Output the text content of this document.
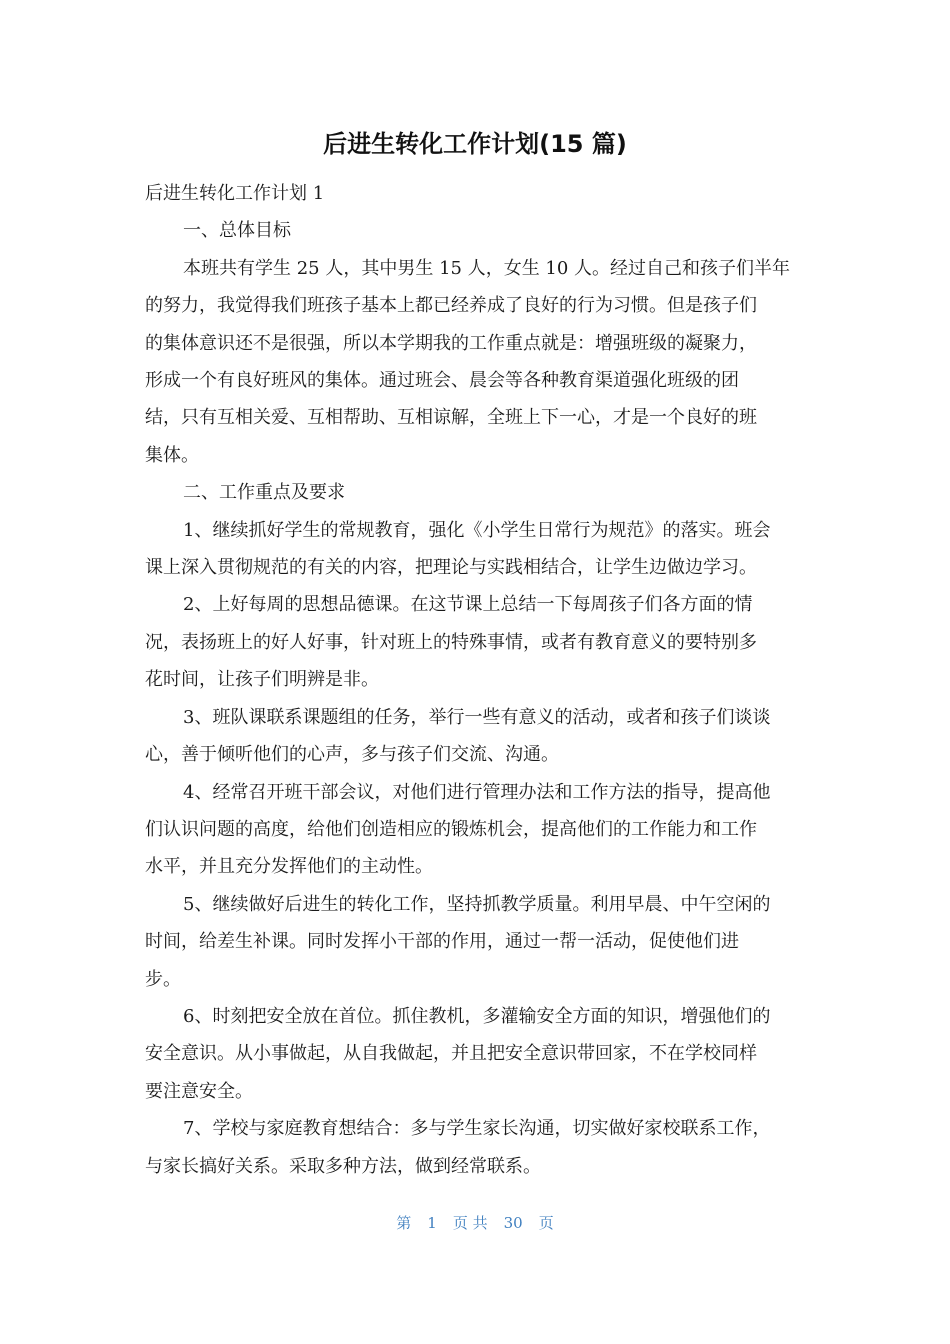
后进生转化工作计划(15 篇)
后进生转化工作计划 1
一、总体目标
本班共有学生 25 人，其中男生 15 人，女生 10 人。经过自己和孩子们半年
的努力，我觉得我们班孩子基本上都已经养成了良好的行为习惯。但是孩子们
的集体意识还不是很强，所以本学期我的工作重点就是：增强班级的凝聚力，
形成一个有良好班风的集体。通过班会、晨会等各种教育渠道强化班级的团
结，只有互相关爱、互相帮助、互相谅解，全班上下一心，才是一个良好的班
集体。
二、工作重点及要求
1、继续抓好学生的常规教育，强化《小学生日常行为规范》的落实。班会
课上深入贯彻规范的有关的内容，把理论与实践相结合，让学生边做边学习。
2、上好每周的思想品德课。在这节课上总结一下每周孩子们各方面的情
况，表扬班上的好人好事，针对班上的特殊事情，或者有教育意义的要特别多
花时间，让孩子们明辨是非。
3、班队课联系课题组的任务，举行一些有意义的活动，或者和孩子们谈谈
心，善于倾听他们的心声，多与孩子们交流、沟通。
4、经常召开班干部会议，对他们进行管理办法和工作方法的指导，提高他
们认识问题的高度，给他们创造相应的锻炼机会，提高他们的工作能力和工作
水平，并且充分发挥他们的主动性。
5、继续做好后进生的转化工作，坚持抓教学质量。利用早晨、中午空闲的
时间，给差生补课。同时发挥小干部的作用，通过一帮一活动，促使他们进
步。
6、时刻把安全放在首位。抓住教机，多灌输安全方面的知识，增强他们的
安全意识。从小事做起，从自我做起，并且把安全意识带回家，不在学校同样
要注意安全。
7、学校与家庭教育想结合：多与学生家长沟通，切实做好家校联系工作，
与家长搞好关系。采取多种方法，做到经常联系。
第 1 页 共 30 页
